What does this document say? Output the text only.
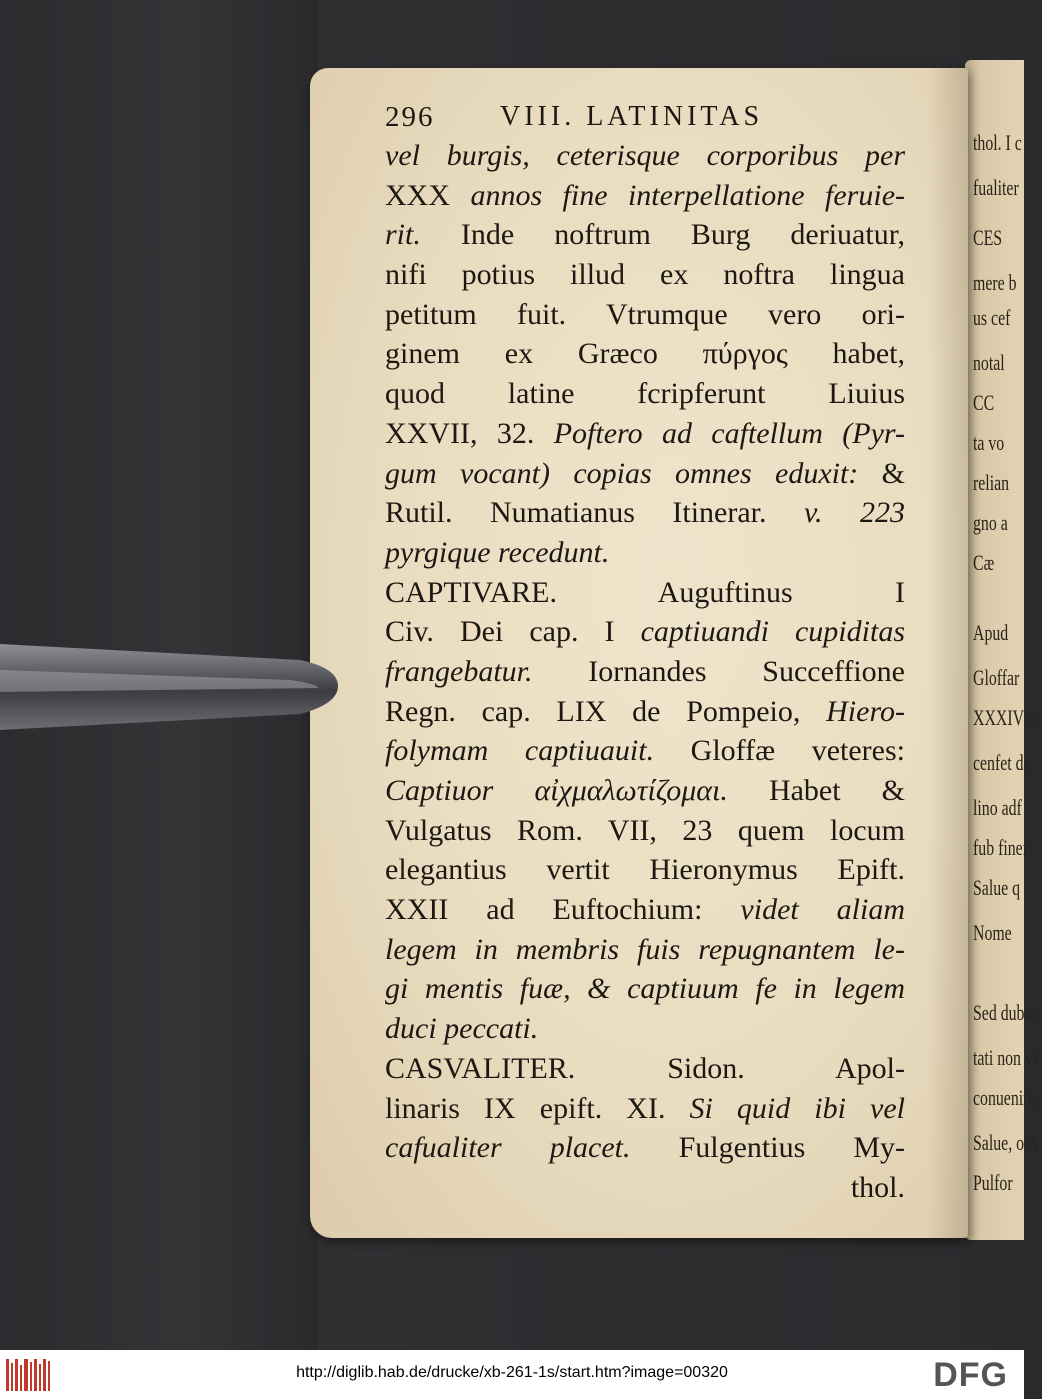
thol. I c
fualiter
CES
mere b
us cef
notal
CC
ta vo
relian
gno a
Cæ
Apud
Gloffar
XXXIV ca
cenfet de
lino adf
fub finer
Salue q
Nome
Sed dubio
tati non vi
conuenire,
Salue, o A
Pulfor
296	VIII. LATINITAS
vel burgis, ceterisque corporibus per
XXX annos fine interpellatione feruie-
rit. Inde noftrum Burg deriuatur,
nifi potius illud ex noftra lingua
petitum fuit. Vtrumque vero ori-
ginem ex Græco πύργος habet,
quod latine fcripferunt Liuius
XXVII, 32. Poftero ad caftellum (Pyr-
gum vocant) copias omnes eduxit: &
Rutil. Numatianus Itinerar. v. 223
pyrgique recedunt.
CAPTIVARE. Auguftinus I
Civ. Dei cap. I captiuandi cupiditas
frangebatur. Iornandes Succeffione
Regn. cap. LIX de Pompeio, Hiero-
folymam captiuauit. Gloffæ veteres:
Captiuor αἰχμαλωτίζομαι. Habet &
Vulgatus Rom. VII, 23 quem locum
elegantius vertit Hieronymus Epift.
XXII ad Euftochium: videt aliam
legem in membris fuis repugnantem le-
gi mentis fuæ, & captiuum fe in legem
duci peccati.
CASVALITER. Sidon. Apol-
linaris IX epift. XI. Si quid ibi vel
cafualiter placet. Fulgentius My-
thol.
http://diglib.hab.de/drucke/xb-261-1s/start.htm?image=00320	DFG
